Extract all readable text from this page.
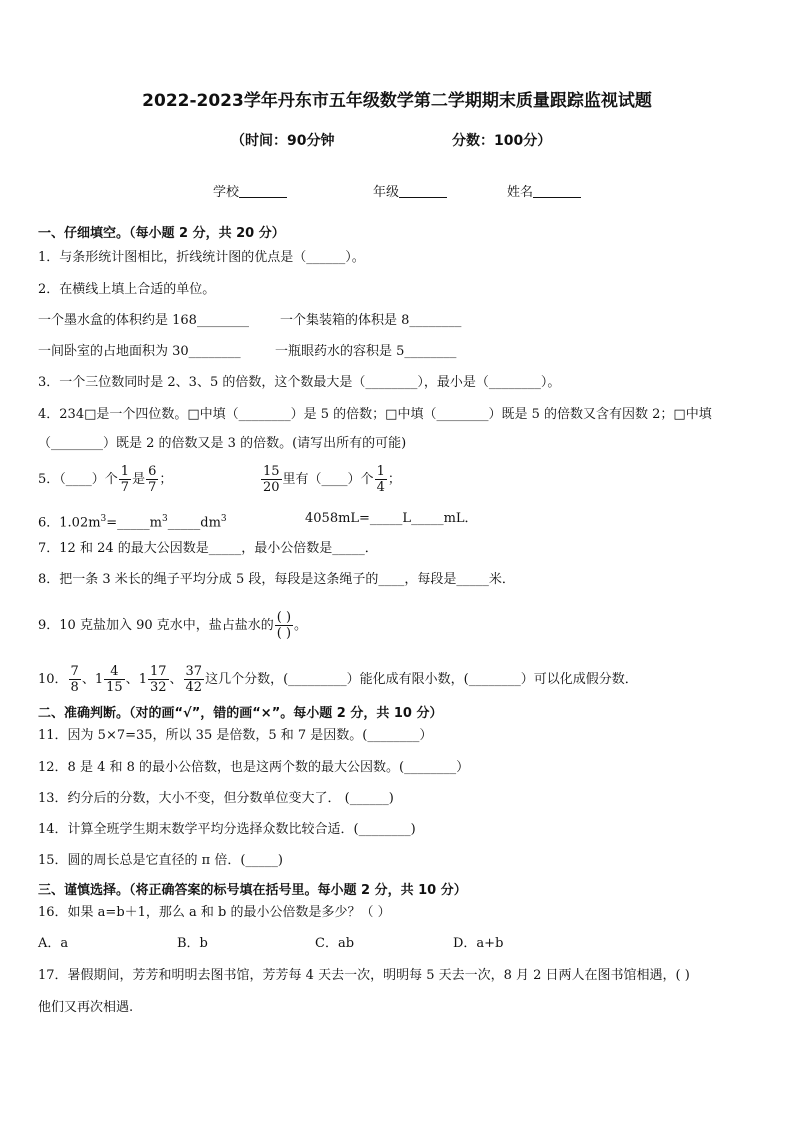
2022-2023学年丹东市五年级数学第二学期期末质量跟踪监视试题
（时间：90分钟	分数：100分）
学校	年级	姓名
一、仔细填空。（每小题 2 分，共 20 分）
1．与条形统计图相比，折线统计图的优点是（______）。
2．在横线上填上合适的单位。
一个墨水盒的体积约是 168________ 一个集装箱的体积是 8________
一间卧室的占地面积为 30________	一瓶眼药水的容积是 5________
3．一个三位数同时是 2、3、5 的倍数，这个数最大是（________），最小是（________）。
4．234□是一个四位数。□中填（________）是 5 的倍数；□中填（________）既是 5 的倍数又含有因数 2；□中填
（________）既是 2 的倍数又是 3 的倍数。(请写出所有的可能)
5．（____）个 $\frac{1}{7}$ 是 $\frac{6}{7}$ ；	$\frac{15}{20}$ 里有（____）个 $\frac{1}{4}$ ；
6．$1.02m^3=\_\_\_\_\_m^3\_\_\_\_\_dm^3$	4058mL=_____L_____mL．
7．12 和 24 的最大公因数是_____，最小公倍数是_____．
8．把一条 3 米长的绳子平均分成 5 段，每段是这条绳子的____，每段是_____米．
9．10 克盐加入 90 克水中，盐占盐水的 $\frac{( )}{( )}$ 。
10． $\frac{7}{8}$ 、$1 \frac{4}{15}$ 、$1 \frac{17}{32}$ 、 $\frac{37}{42}$ 这几个分数，(_________）能化成有限小数，(________）可以化成假分数．
二、准确判断。（对的画“√”，错的画“×”。每小题 2 分，共 10 分）
11．因为 5×7=35，所以 35 是倍数，5 和 7 是因数。(________）
12．8 是 4 和 8 的最小公倍数，也是这两个数的最大公因数。(________）
13．约分后的分数，大小不变，但分数单位变大了． (______)
14．计算全班学生期末数学平均分选择众数比较合适．(________)
15．圆的周长总是它直径的 π 倍．(_____)
三、谨慎选择。（将正确答案的标号填在括号里。每小题 2 分，共 10 分）
16．如果 a=b＋1，那么 a 和 b 的最小公倍数是多少？（ ）
A．a	B．b	C．ab	D．a+b
17．暑假期间，芳芳和明明去图书馆，芳芳每 4 天去一次，明明每 5 天去一次，8 月 2 日两人在图书馆相遇，( )
他们又再次相遇.
